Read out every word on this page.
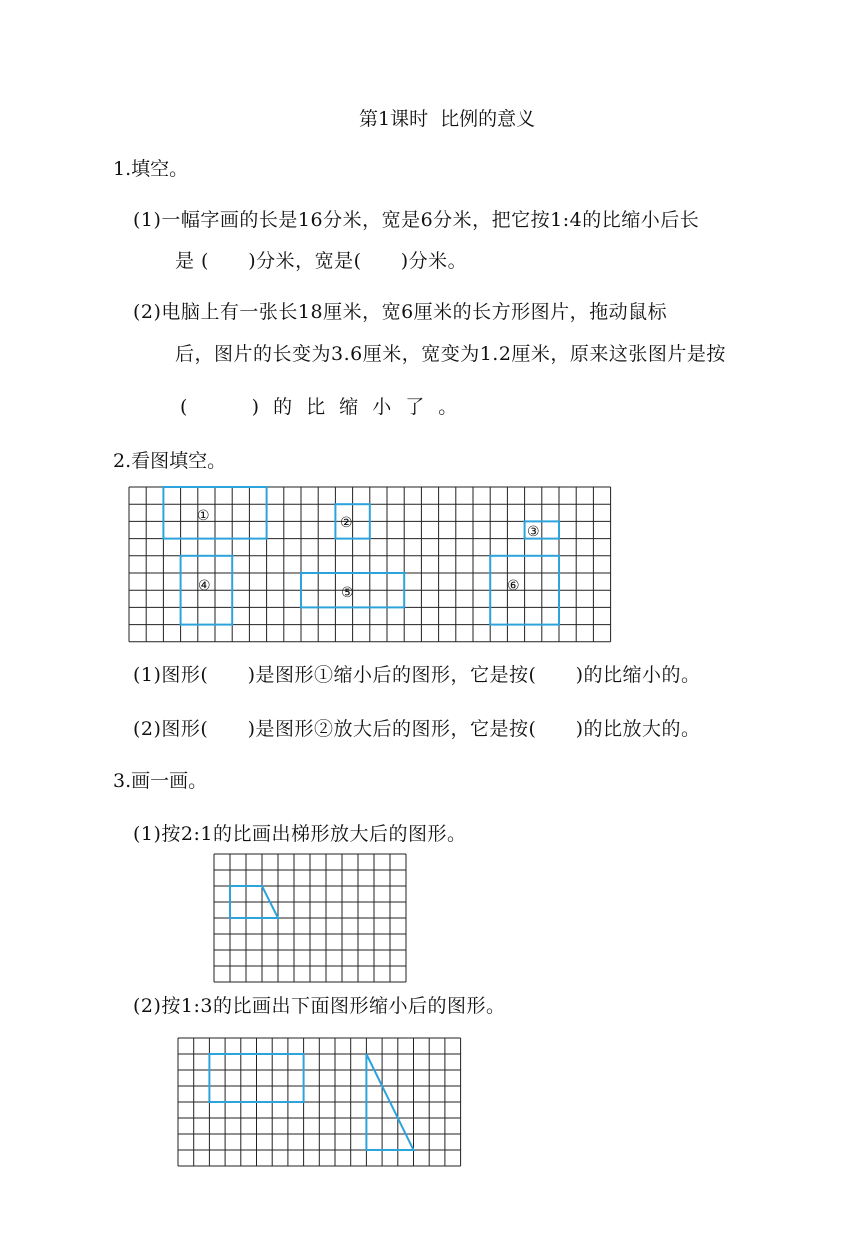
第1课时  比例的意义
1.填空。
(1)一幅字画的长是16分米，宽是6分米，把它按1:4的比缩小后长
是 (      )分米，宽是(      )分米。
(2)电脑上有一张长18厘米，宽6厘米的长方形图片，拖动鼠标
后，图片的长变为3.6厘米，宽变为1.2厘米，原来这张图片是按
(      ) 的 比 缩 小 了 。
2.看图填空。
①	②
③
④	⑤	⑥
(1)图形(      )是图形①缩小后的图形，它是按(      )的比缩小的。
(2)图形(      )是图形②放大后的图形，它是按(      )的比放大的。
3.画一画。
(1)按2:1的比画出梯形放大后的图形。
(2)按1:3的比画出下面图形缩小后的图形。
